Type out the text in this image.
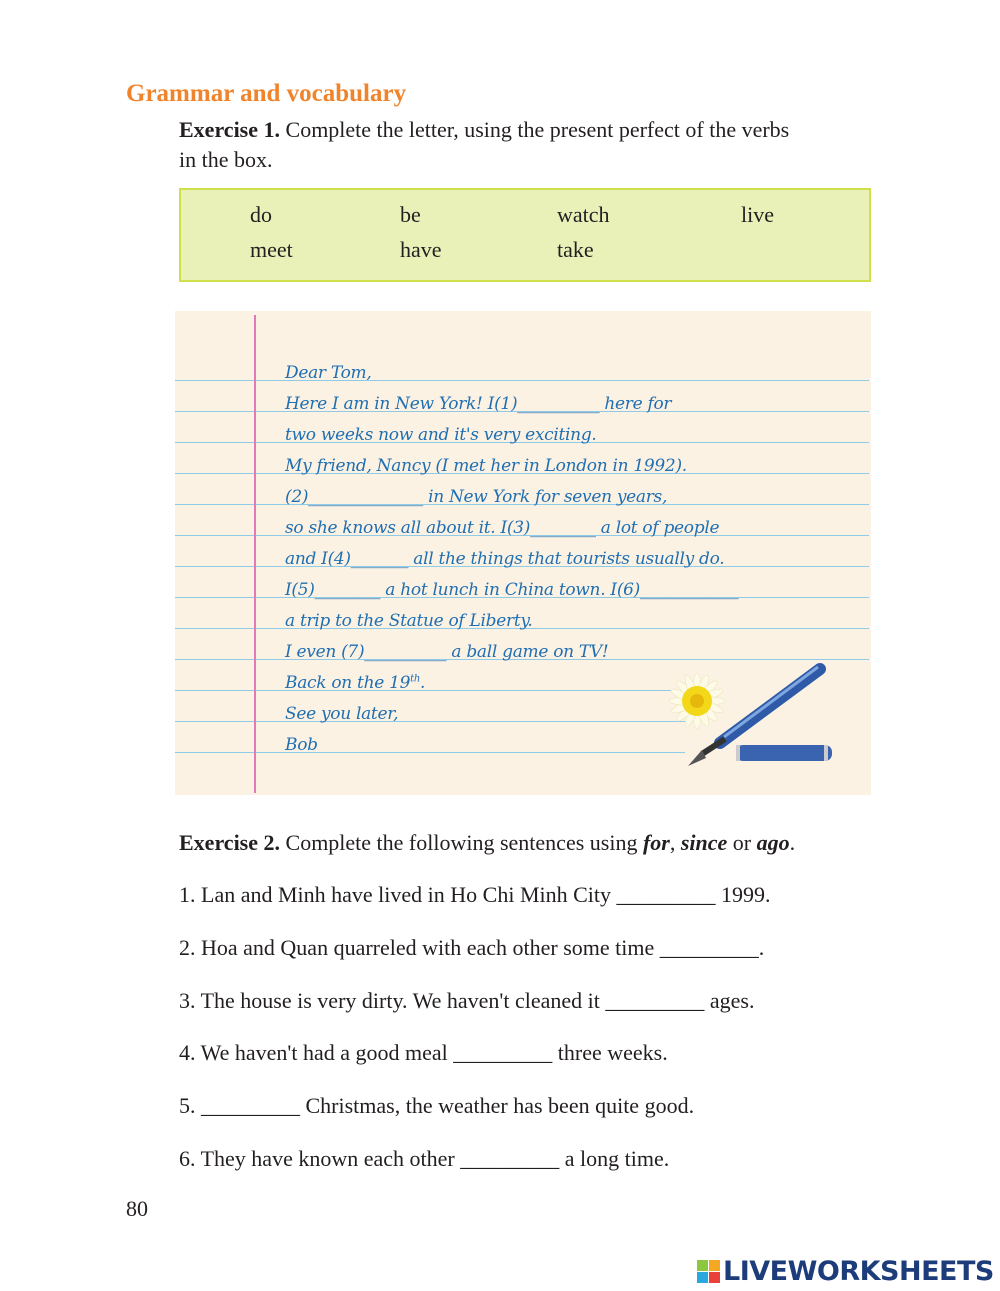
Grammar and vocabulary
Exercise 1. Complete the letter, using the present perfect of the verbs
in the box.
do	be	watch	live
meet	have	take
Dear Tom,
Here I am in New York! I(1)__________ here for
two weeks now and it's very exciting.
My friend, Nancy (I met her in London in 1992).
(2)______________ in New York for seven years,
so she knows all about it. I(3)________ a lot of people
and I(4)_______ all the things that tourists usually do.
I(5)________ a hot lunch in China town. I(6)____________
a trip to the Statue of Liberty.
I even (7)__________ a ball game on TV!
Back on the 19th.
See you later,
Bob
Exercise 2. Complete the following sentences using for, since or ago.
1. Lan and Minh have lived in Ho Chi Minh City _________ 1999.
2. Hoa and Quan quarreled with each other some time _________.
3. The house is very dirty. We haven't cleaned it _________ ages.
4. We haven't had a good meal _________ three weeks.
5. _________ Christmas, the weather has been quite good.
6. They have known each other _________ a long time.
80
LIVEWORKSHEETS
